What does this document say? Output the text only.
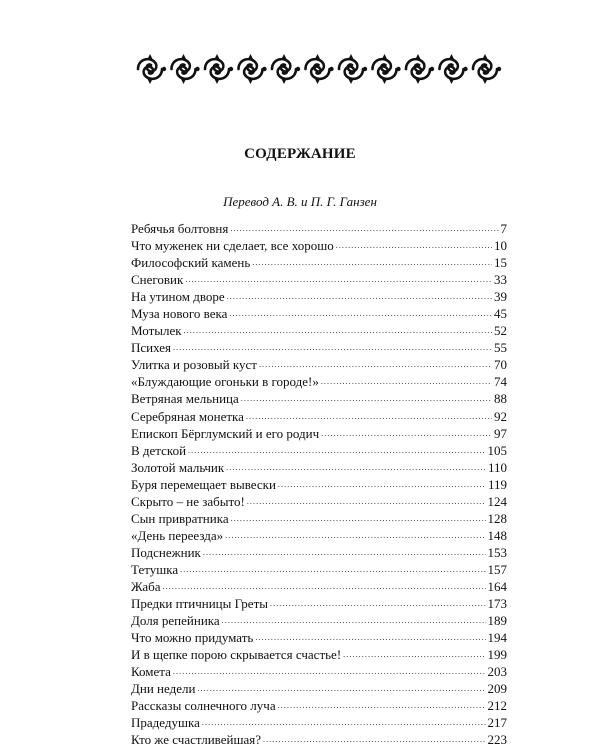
СОДЕРЖАНИЕ
Перевод А. В. и П. Г. Ганзен
Ребячья болтовня .....	7
Что муженек ни сделает, все хорошо .....	10
Философский камень .....	15
Снеговик .....	33
На утином дворе .....	39
Муза нового века .....	45
Мотылек .....	52
Психея .....	55
Улитка и розовый куст .....	70
«Блуждающие огоньки в городе!» .....	74
Ветряная мельница .....	88
Серебряная монетка .....	92
Епископ Бёрглумский и его родич .....	97
В детской .....	105
Золотой мальчик .....	110
Буря перемещает вывески .....	119
Скрыто – не забыто! .....	124
Сын привратника .....	128
«День переезда» .....	148
Подснежник .....	153
Тетушка .....	157
Жаба .....	164
Предки птичницы Греты .....	173
Доля репейника .....	189
Что можно придумать .....	194
И в щепке порою скрывается счастье! .....	199
Комета .....	203
Дни недели .....	209
Рассказы солнечного луча .....	212
Прадедушка .....	217
Кто же счастливейшая? .....	223
